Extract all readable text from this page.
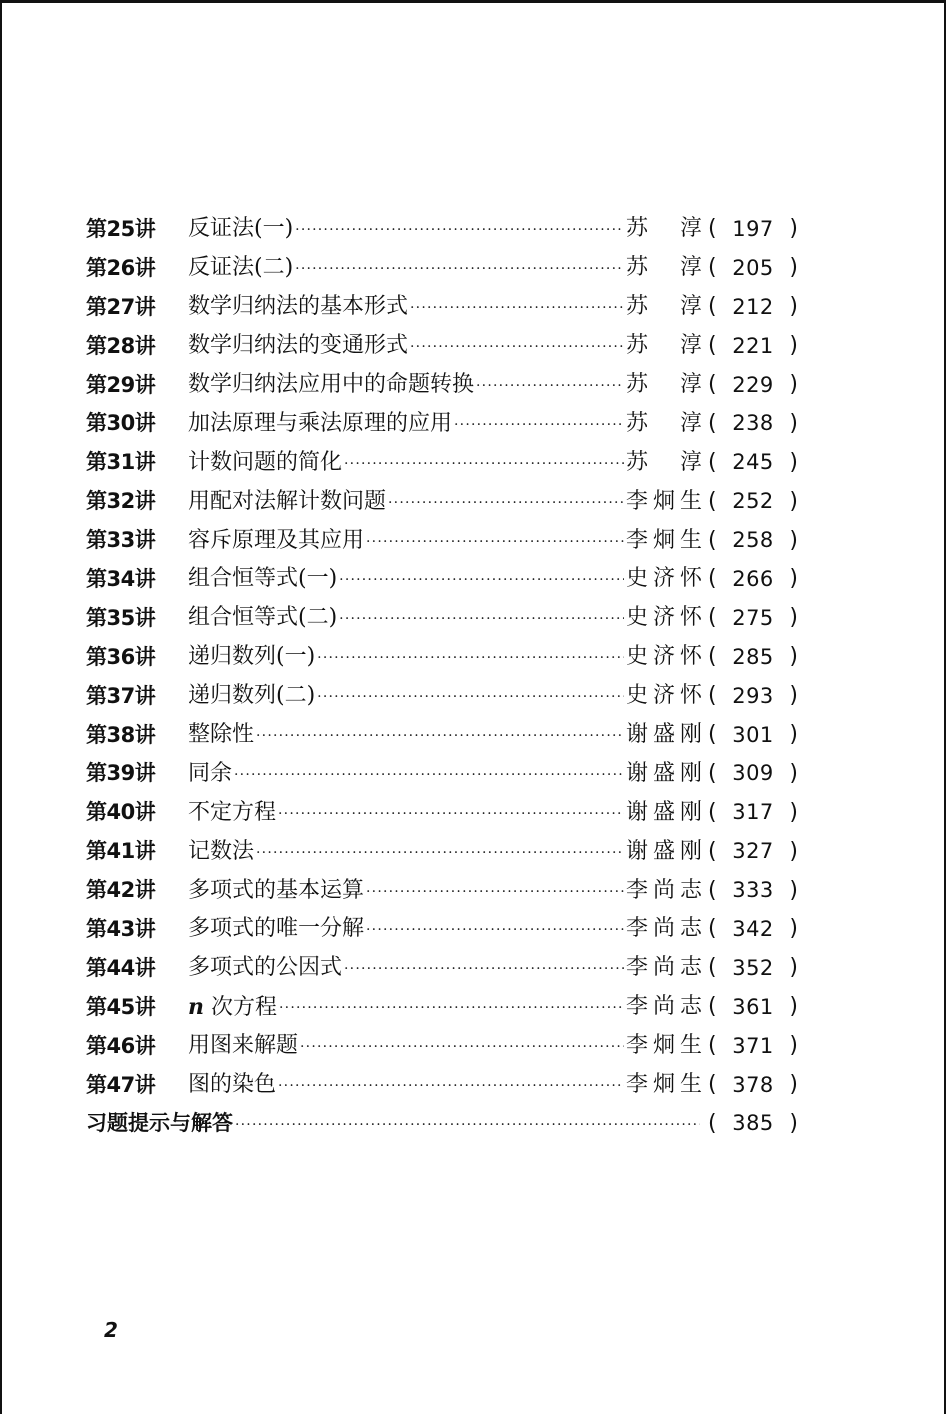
第25讲	反证法(一) ·····	苏　淳 ( 197 )
第26讲	反证法(二) ·····	苏　淳 ( 205 )
第27讲	数学归纳法的基本形式 ·····	苏　淳 ( 212 )
第28讲	数学归纳法的变通形式 ·····	苏　淳 ( 221 )
第29讲	数学归纳法应用中的命题转换 ·····	苏　淳 ( 229 )
第30讲	加法原理与乘法原理的应用 ·····	苏　淳 ( 238 )
第31讲	计数问题的简化 ·····	苏　淳 ( 245 )
第32讲	用配对法解计数问题 ·····	李炯生 ( 252 )
第33讲	容斥原理及其应用 ·····	李炯生 ( 258 )
第34讲	组合恒等式(一) ·····	史济怀 ( 266 )
第35讲	组合恒等式(二) ·····	史济怀 ( 275 )
第36讲	递归数列(一) ·····	史济怀 ( 285 )
第37讲	递归数列(二) ·····	史济怀 ( 293 )
第38讲	整除性 ·····	谢盛刚 ( 301 )
第39讲	同余 ·····	谢盛刚 ( 309 )
第40讲	不定方程 ·····	谢盛刚 ( 317 )
第41讲	记数法 ·····	谢盛刚 ( 327 )
第42讲	多项式的基本运算 ·····	李尚志 ( 333 )
第43讲	多项式的唯一分解 ·····	李尚志 ( 342 )
第44讲	多项式的公因式 ·····	李尚志 ( 352 )
第45讲	n 次方程 ·····	李尚志 ( 361 )
第46讲	用图来解题 ·····	李炯生 ( 371 )
第47讲	图的染色 ·····	李炯生 ( 378 )
习题提示与解答 ·····	( 385 )
2
